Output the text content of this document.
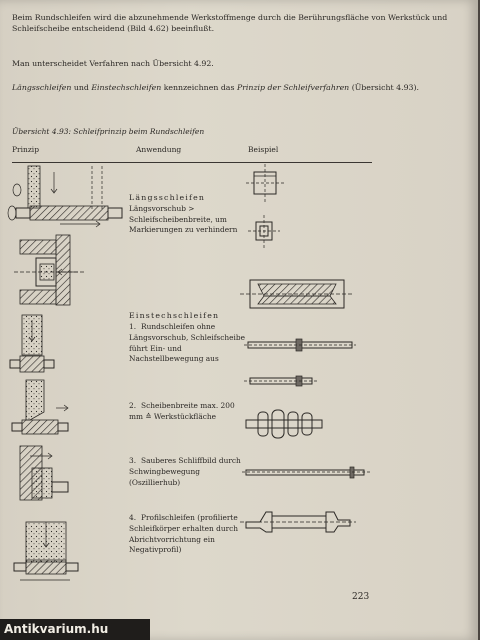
Beim Rundschleifen wird die abzunehmende Werkstoffmenge durch die Berührungsfläche von Werkstück und Schleifscheibe entscheidend (Bild 4.62) beeinflußt.

Man unterscheidet Verfahren nach Übersicht 4.92.

Längsschleifen und Einstechschleifen kennzeichnen das Prinzip der Schleifverfahren (Übersicht 4.93).

Übersicht 4.93: Schleifprinzip beim Rundschleifen
Prinzip	Anwendung	Beispiel
Längsschleifen
Längsvorschub > Schleifscheibenbreite, um Markierungen zu verhindern
Einstechschleifen
1. Rundschleifen ohne Längsvorschub, Schleifscheibe führt Ein- und Nachstellbewegung aus
2. Scheibenbreite max. 200 mm ≙ Werkstückfläche
3. Sauberes Schliffbild durch Schwingbewegung (Oszillierhub)
4. Profilschleifen (profilierte Schleifkörper erhalten durch Abrichtvorrichtung ein Negativprofil)
223
Antikvarium.hu
